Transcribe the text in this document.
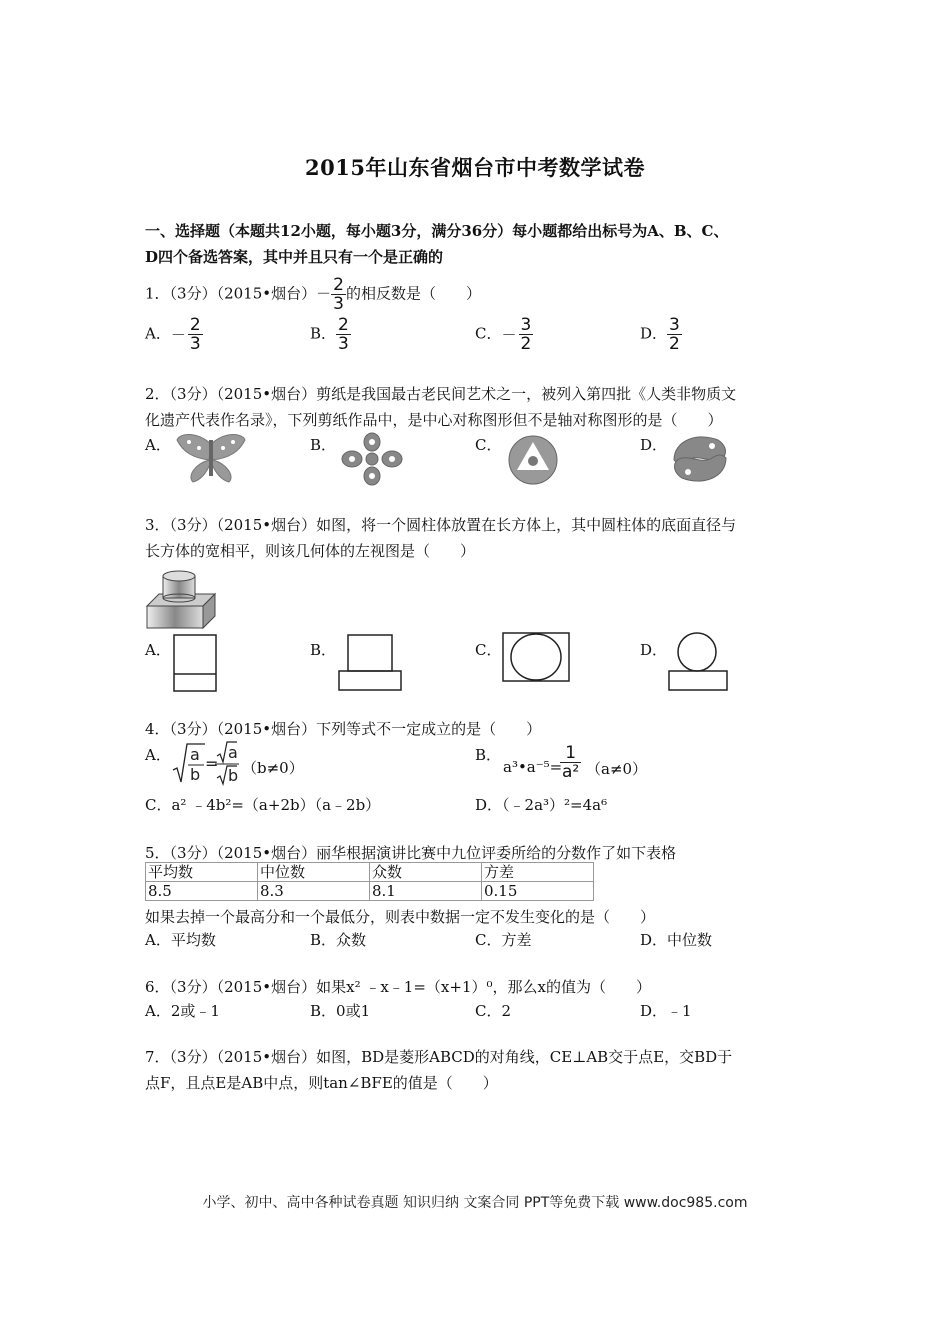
2015年山东省烟台市中考数学试卷
一、选择题（本题共12小题，每小题3分，满分36分）每小题都给出标号为A、B、C、
D四个备选答案，其中并且只有一个是正确的
1．（3分）（2015•烟台）－ $\frac{2}{3}$ 的相反数是（　　）
A．－ $\frac{2}{3}$	B． $\frac{2}{3}$	C．－ $\frac{3}{2}$	D． $\frac{3}{2}$
2．（3分）（2015•烟台）剪纸是我国最古老民间艺术之一，被列入第四批《人类非物质文
化遗产代表作名录》，下列剪纸作品中，是中心对称图形但不是轴对称图形的是（　　）
A．	B．	C．	D．
3．（3分）（2015•烟台）如图，将一个圆柱体放置在长方体上，其中圆柱体的底面直径与
长方体的宽相平，则该几何体的左视图是（　　）
A．	B．	C．	D．
4．（3分）（2015•烟台）下列等式不一定成立的是（　　）
A． a
b
=
a
b （b≠0）
B．
a³•a⁻⁵=
$\frac{1}{\text{a²}} (a\ne 0)$
C．a² ﹣4b²=（a+2b）（a﹣2b）	D．（﹣2a³）²=4a⁶
5．（3分）（2015•烟台）丽华根据演讲比赛中九位评委所给的分数作了如下表格
平均数	中位数	众数	方差
8.5	8.3	8.1	0.15
如果去掉一个最高分和一个最低分，则表中数据一定不发生变化的是（　　）
A．平均数	B．众数	C．方差	D．中位数
6．（3分）（2015•烟台）如果x² ﹣x﹣1=（x+1）⁰，那么x的值为（　　）
A．2或﹣1	B．0或1	C．2	D．﹣1
7．（3分）（2015•烟台）如图，BD是菱形ABCD的对角线，CE⊥AB交于点E，交BD于
点F，且点E是AB中点，则tan∠BFE的值是（　　）
小学、初中、高中各种试卷真题 知识归纳 文案合同 PPT等免费下载 www.doc985.com
